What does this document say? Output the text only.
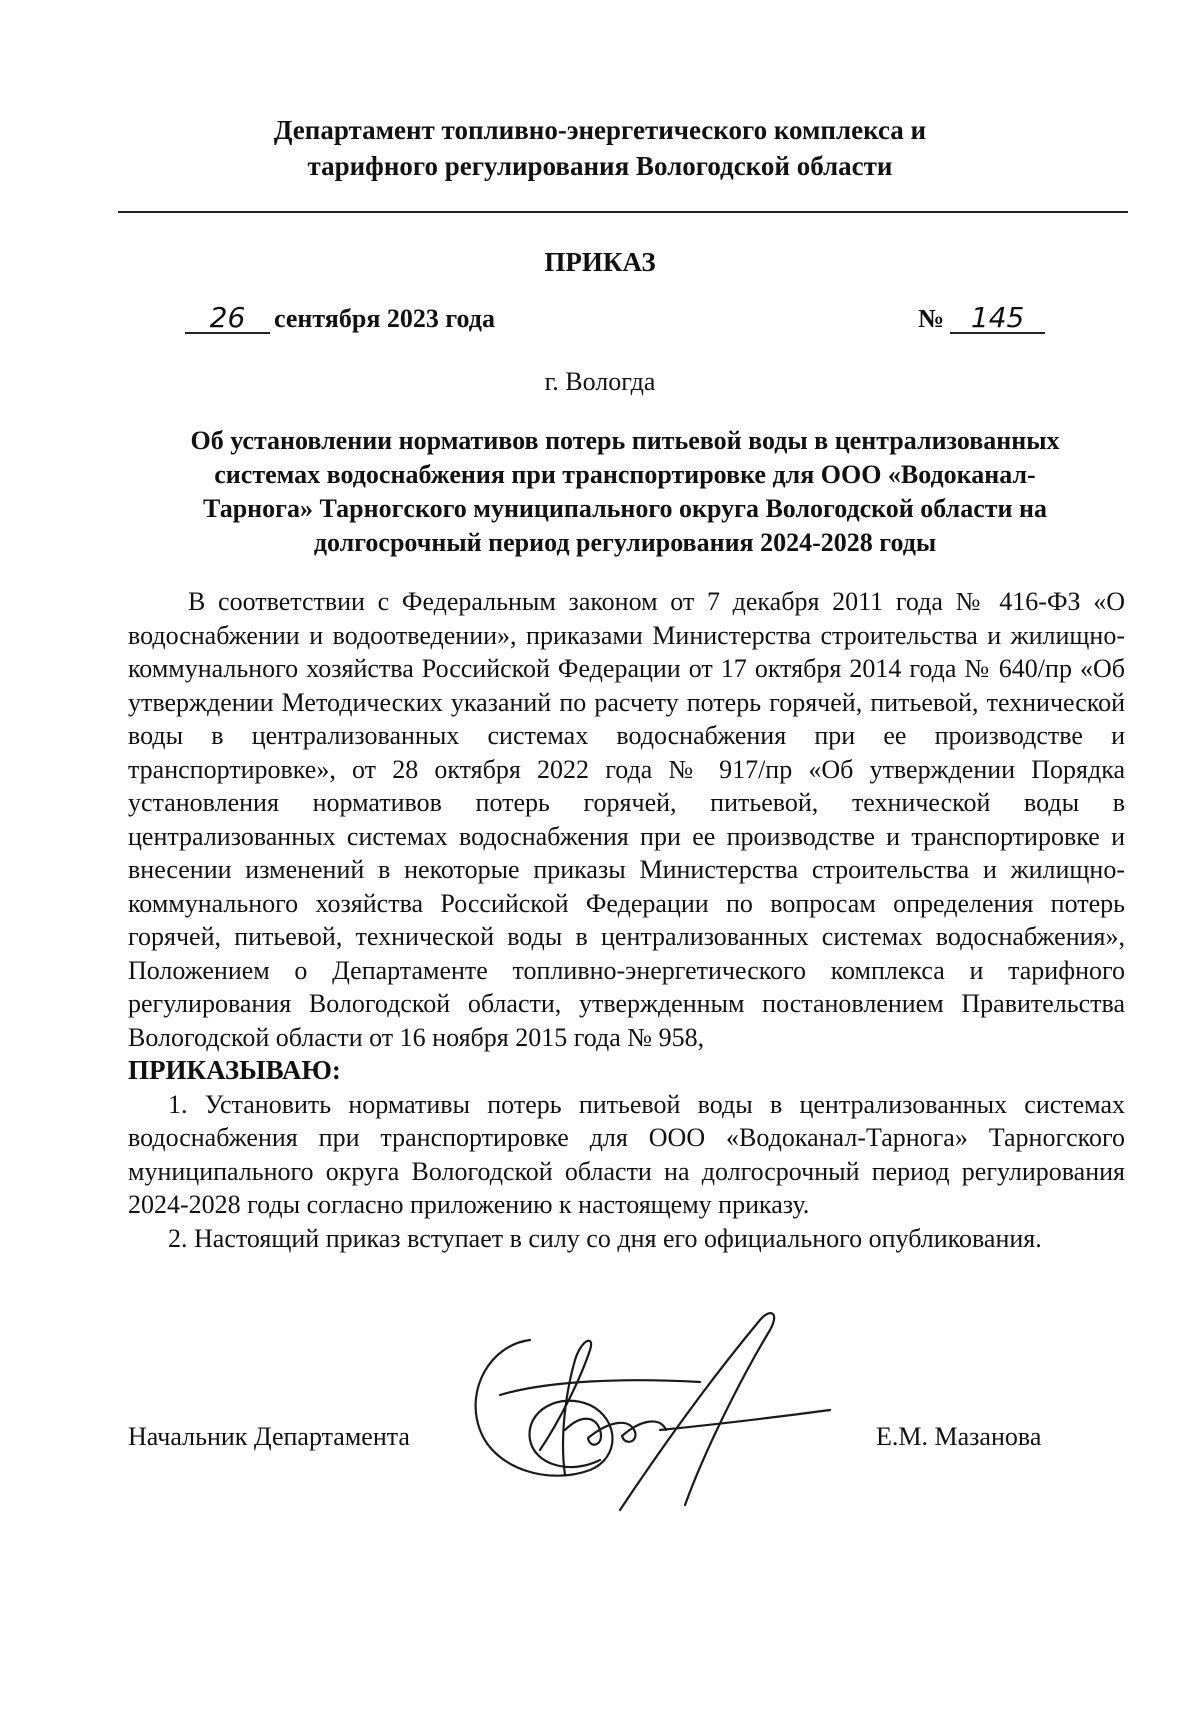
Департамент топливно-энергетического комплекса и
тарифного регулирования Вологодской области
ПРИКАЗ
26 сентября 2023 года	№ 145
г. Вологда
Об установлении нормативов потерь питьевой воды в централизованных
системах водоснабжения при транспортировке для ООО «Водоканал-
Тарнога» Тарногского муниципального округа Вологодской области на
долгосрочный период регулирования 2024-2028 годы

В соответствии с Федеральным законом от 7 декабря 2011 года № 416-ФЗ «О водоснабжении и водоотведении», приказами Министерства строительства и жилищно-коммунального хозяйства Российской Федерации от 17 октября 2014 года № 640/пр «Об утверждении Методических указаний по расчету потерь горячей, питьевой, технической воды в централизованных системах водоснабжения при ее производстве и транспортировке», от 28 октября 2022 года № 917/пр «Об утверждении Порядка установления нормативов потерь горячей, питьевой, технической воды в централизованных системах водоснабжения при ее производстве и транспортировке и внесении изменений в некоторые приказы Министерства строительства и жилищно-коммунального хозяйства Российской Федерации по вопросам определения потерь горячей, питьевой, технической воды в централизованных системах водоснабжения», Положением о Департаменте топливно-энергетического комплекса и тарифного регулирования Вологодской области, утвержденным постановлением Правительства Вологодской области от 16 ноября 2015 года № 958,

ПРИКАЗЫВАЮ:

1. Установить нормативы потерь питьевой воды в централизованных системах водоснабжения при транспортировке для ООО «Водоканал-Тарнога» Тарногского муниципального округа Вологодской области на долгосрочный период регулирования 2024-2028 годы согласно приложению к настоящему приказу.

2. Настоящий приказ вступает в силу со дня его официального опубликования.

Начальник Департамента	Е.М. Мазанова
